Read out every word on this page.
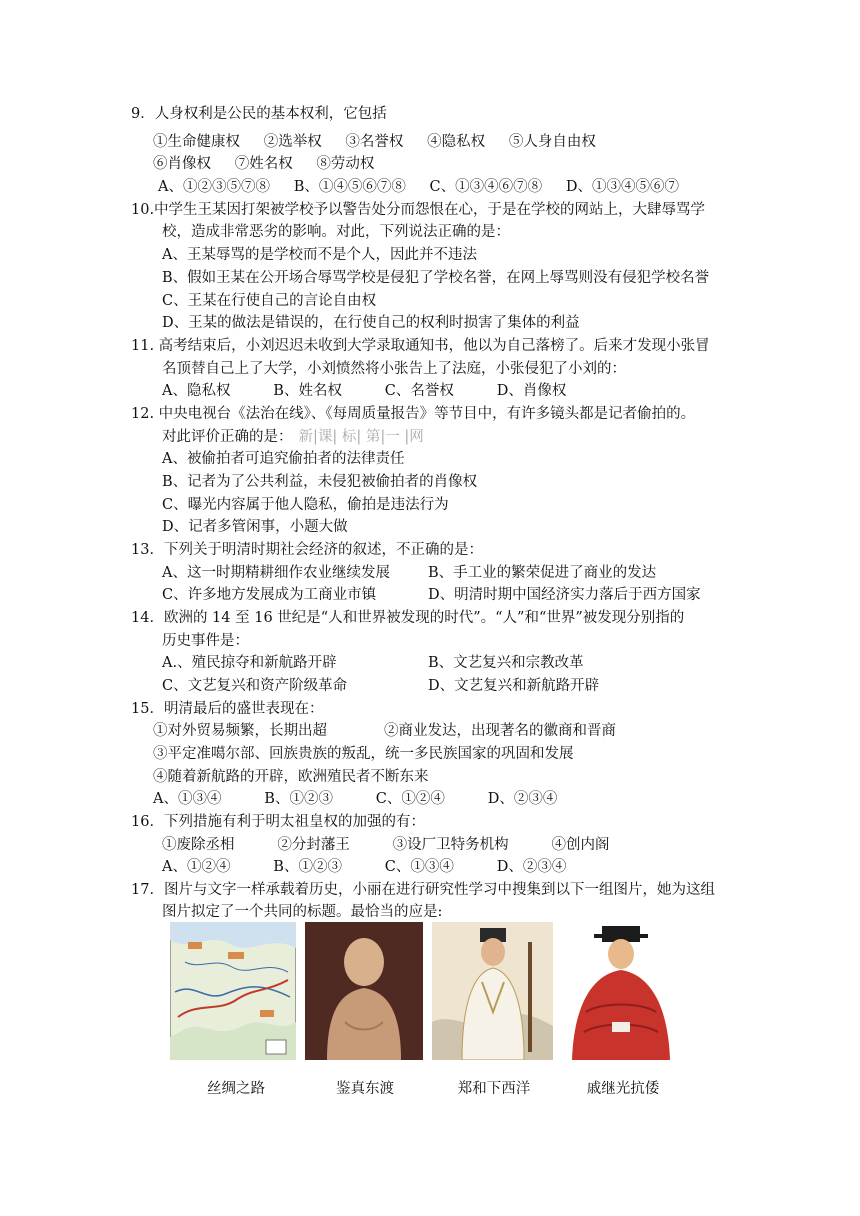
9．人身权利是公民的基本权利，它包括
①生命健康权 　 ②选举权 　 ③名誉权 　 ④隐私权 　 ⑤人身自由权
⑥肖像权 　 ⑦姓名权 　 ⑧劳动权
A、①②③⑤⑦⑧ 　 B、①④⑤⑥⑦⑧ 　 C、①③④⑥⑦⑧ 　 D、①③④⑤⑥⑦
10.中学生王某因打架被学校予以警告处分而怨恨在心，于是在学校的网站上，大肆辱骂学
校，造成非常恶劣的影响。对此，下列说法正确的是：
A、王某辱骂的是学校而不是个人，因此并不违法
B、假如王某在公开场合辱骂学校是侵犯了学校名誉，在网上辱骂则没有侵犯学校名誉
C、王某在行使自己的言论自由权
D、王某的做法是错误的，在行使自己的权利时损害了集体的利益
11. 高考结束后，小刘迟迟未收到大学录取通知书，他以为自己落榜了。后来才发现小张冒
名顶替自己上了大学，小刘愤然将小张告上了法庭，小张侵犯了小刘的：
A、隐私权 　 　 B、姓名权 　 　 C、名誉权 　 　 D、肖像权
12. 中央电视台《法治在线》、《每周质量报告》等节目中，有许多镜头都是记者偷拍的。
对此评价正确的是： 新|课| 标| 第|一 |网
A、被偷拍者可追究偷拍者的法律责任
B、记者为了公共利益，未侵犯被偷拍者的肖像权
C、曝光内容属于他人隐私，偷拍是违法行为
D、记者多管闲事，小题大做
13．下列关于明清时期社会经济的叙述，不正确的是：
A、这一时期精耕细作农业继续发展	B、手工业的繁荣促进了商业的发达
C、许多地方发展成为工商业市镇	D、明清时期中国经济实力落后于西方国家
14．欧洲的 14 至 16 世纪是“人和世界被发现的时代”。“人”和“世界”被发现分别指的
历史事件是：
A.、殖民掠夺和新航路开辟	B、文艺复兴和宗教改革
C、文艺复兴和资产阶级革命	D、文艺复兴和新航路开辟
15．明清最后的盛世表现在：
①对外贸易频繁，长期出超	②商业发达，出现著名的徽商和晋商
③平定准噶尔部、回族贵族的叛乱，统一多民族国家的巩固和发展
④随着新航路的开辟，欧洲殖民者不断东来
A、①③④ 　 　 B、①②③ 　 　 C、①②④ 　 　 D、②③④
16．下列措施有利于明太祖皇权的加强的有：
①废除丞相 　 　 ②分封藩王 　 　 ③设厂卫特务机构 　 　 ④创内阁
A、①②④ 　 　 B、①②③ 　 　 C、①③④ 　 　 D、②③④
17．图片与文字一样承载着历史，小丽在进行研究性学习中搜集到以下一组图片，她为这组
图片拟定了一个共同的标题。最恰当的应是:
丝绸之路	鉴真东渡	郑和下西洋	戚继光抗倭
